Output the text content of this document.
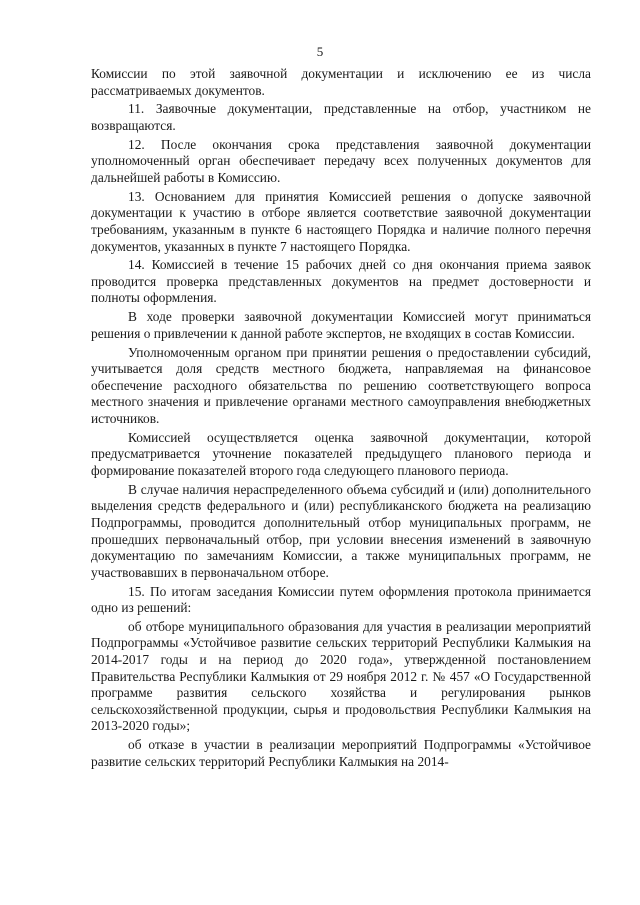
5

Комиссии по этой заявочной документации и исключению ее из числа рассматриваемых документов.

11. Заявочные документации, представленные на отбор, участником не возвращаются.

12. После окончания срока представления заявочной документации уполномоченный орган обеспечивает передачу всех полученных документов для дальнейшей работы в Комиссию.

13. Основанием для принятия Комиссией решения о допуске заявочной документации к участию в отборе является соответствие заявочной документации требованиям, указанным в пункте 6 настоящего Порядка и наличие полного перечня документов, указанных в пункте 7 настоящего Порядка.

14. Комиссией в течение 15 рабочих дней со дня окончания приема заявок проводится проверка представленных документов на предмет достоверности и полноты оформления.

В ходе проверки заявочной документации Комиссией могут приниматься решения о привлечении к данной работе экспертов, не входящих в состав Комиссии.

Уполномоченным органом при принятии решения о предоставлении субсидий, учитывается доля средств местного бюджета, направляемая на финансовое обеспечение расходного обязательства по решению соответствующего вопроса местного значения и привлечение органами местного самоуправления внебюджетных источников.

Комиссией осуществляется оценка заявочной документации, которой предусматривается уточнение показателей предыдущего планового периода и формирование показателей второго года следующего планового периода.

В случае наличия нераспределенного объема субсидий и (или) дополнительного выделения средств федерального и (или) республиканского бюджета на реализацию Подпрограммы, проводится дополнительный отбор муниципальных программ, не прошедших первоначальный отбор, при условии внесения изменений в заявочную документацию по замечаниям Комиссии, а также муниципальных программ, не участвовавших в первоначальном отборе.

15. По итогам заседания Комиссии путем оформления протокола принимается одно из решений:

об отборе муниципального образования для участия в реализации мероприятий Подпрограммы «Устойчивое развитие сельских территорий Республики Калмыкия на 2014-2017 годы и на период до 2020 года», утвержденной постановлением Правительства Республики Калмыкия от 29 ноября 2012 г. № 457 «О Государственной программе развития сельского хозяйства и регулирования рынков сельскохозяйственной продукции, сырья и продовольствия Республики Калмыкия на 2013-2020 годы»;

об отказе в участии в реализации мероприятий Подпрограммы «Устойчивое развитие сельских территорий Республики Калмыкия на 2014-
